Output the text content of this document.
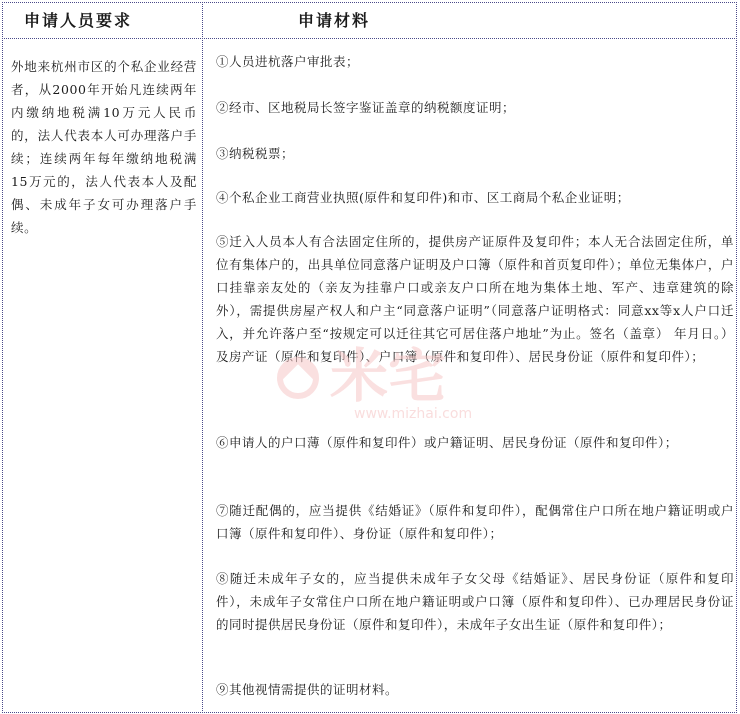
申请人员要求	申请材料
外地来杭州市区的个私企业经营者，从2000年开始凡连续两年内缴纳地税满10万元人民币的，法人代表本人可办理落户手续；连续两年每年缴纳地税满15万元的，法人代表本人及配偶、未成年子女可办理落户手续。
①人员进杭落户审批表；
②经市、区地税局长签字鉴证盖章的纳税额度证明；
③纳税税票；
④个私企业工商营业执照(原件和复印件)和市、区工商局个私企业证明；
⑤迁入人员本人有合法固定住所的，提供房产证原件及复印件；本人无合法固定住所，单位有集体户的，出具单位同意落户证明及户口簿（原件和首页复印件）；单位无集体户，户口挂靠亲友处的（亲友为挂靠户口或亲友户口所在地为集体土地、军产、违章建筑的除外），需提供房屋产权人和户主“同意落户证明”（同意落户证明格式：同意xx等x人户口迁入，并允许落户至“按规定可以迁往其它可居住落户地址”为止。签名（盖章） 年月日。）及房产证（原件和复印件）、户口簿（原件和复印件）、居民身份证（原件和复印件）；
⑥申请人的户口薄（原件和复印件）或户籍证明、居民身份证（原件和复印件）；
⑦随迁配偶的，应当提供《结婚证》（原件和复印件），配偶常住户口所在地户籍证明或户口簿（原件和复印件）、身份证（原件和复印件）；
⑧随迁未成年子女的，应当提供未成年子女父母《结婚证》、居民身份证（原件和复印件），未成年子女常住户口所在地户籍证明或户口簿（原件和复印件）、已办理居民身份证的同时提供居民身份证（原件和复印件），未成年子女出生证（原件和复印件）；
⑨其他视情需提供的证明材料。
米宅
www.mizhai.com
